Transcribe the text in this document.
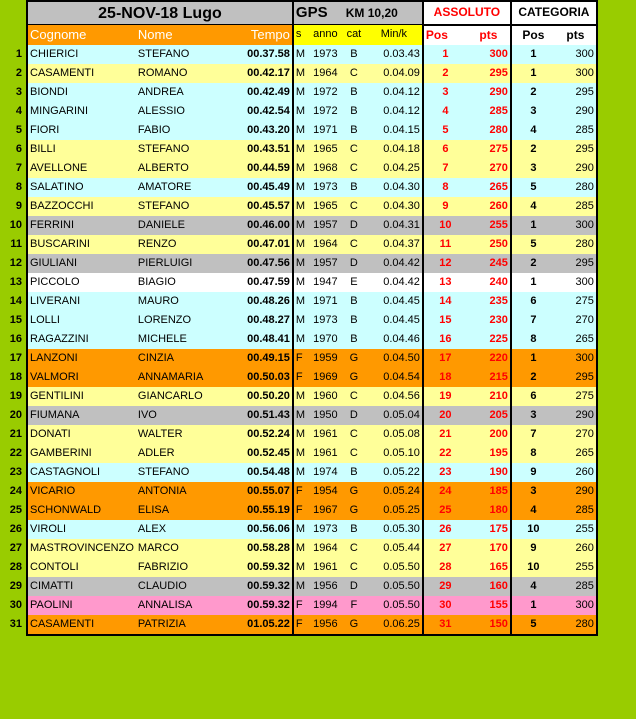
	25-NOV-18 Lugo			GPS KM 10,20				ASSOLUTO		CATEGORIA	
	Cognome	Nome	Tempo	s	anno	cat	Min/k	Pos	pts	Pos	pts
1	CHIERICI	STEFANO	00.37.58	M	1973	B	0.03.43	1	300	1	300
2	CASAMENTI	ROMANO	00.42.17	M	1964	C	0.04.09	2	295	1	300
3	BIONDI	ANDREA	00.42.49	M	1972	B	0.04.12	3	290	2	295
4	MINGARINI	ALESSIO	00.42.54	M	1972	B	0.04.12	4	285	3	290
5	FIORI	FABIO	00.43.20	M	1971	B	0.04.15	5	280	4	285
6	BILLI	STEFANO	00.43.51	M	1965	C	0.04.18	6	275	2	295
7	AVELLONE	ALBERTO	00.44.59	M	1968	C	0.04.25	7	270	3	290
8	SALATINO	AMATORE	00.45.49	M	1973	B	0.04.30	8	265	5	280
9	BAZZOCCHI	STEFANO	00.45.57	M	1965	C	0.04.30	9	260	4	285
10	FERRINI	DANIELE	00.46.00	M	1957	D	0.04.31	10	255	1	300
11	BUSCARINI	RENZO	00.47.01	M	1964	C	0.04.37	11	250	5	280
12	GIULIANI	PIERLUIGI	00.47.56	M	1957	D	0.04.42	12	245	2	295
13	PICCOLO	BIAGIO	00.47.59	M	1947	E	0.04.42	13	240	1	300
14	LIVERANI	MAURO	00.48.26	M	1971	B	0.04.45	14	235	6	275
15	LOLLI	LORENZO	00.48.27	M	1973	B	0.04.45	15	230	7	270
16	RAGAZZINI	MICHELE	00.48.41	M	1970	B	0.04.46	16	225	8	265
17	LANZONI	CINZIA	00.49.15	F	1959	G	0.04.50	17	220	1	300
18	VALMORI	ANNAMARIA	00.50.03	F	1969	G	0.04.54	18	215	2	295
19	GENTILINI	GIANCARLO	00.50.20	M	1960	C	0.04.56	19	210	6	275
20	FIUMANA	IVO	00.51.43	M	1950	D	0.05.04	20	205	3	290
21	DONATI	WALTER	00.52.24	M	1961	C	0.05.08	21	200	7	270
22	GAMBERINI	ADLER	00.52.45	M	1961	C	0.05.10	22	195	8	265
23	CASTAGNOLI	STEFANO	00.54.48	M	1974	B	0.05.22	23	190	9	260
24	VICARIO	ANTONIA	00.55.07	F	1954	G	0.05.24	24	185	3	290
25	SCHONWALD	ELISA	00.55.19	F	1967	G	0.05.25	25	180	4	285
26	VIROLI	ALEX	00.56.06	M	1973	B	0.05.30	26	175	10	255
27	MASTROVINCENZO	MARCO	00.58.28	M	1964	C	0.05.44	27	170	9	260
28	CONTOLI	FABRIZIO	00.59.32	M	1961	C	0.05.50	28	165	10	255
29	CIMATTI	CLAUDIO	00.59.32	M	1956	D	0.05.50	29	160	4	285
30	PAOLINI	ANNALISA	00.59.32	F	1994	F	0.05.50	30	155	1	300
31	CASAMENTI	PATRIZIA	01.05.22	F	1956	G	0.06.25	31	150	5	280
